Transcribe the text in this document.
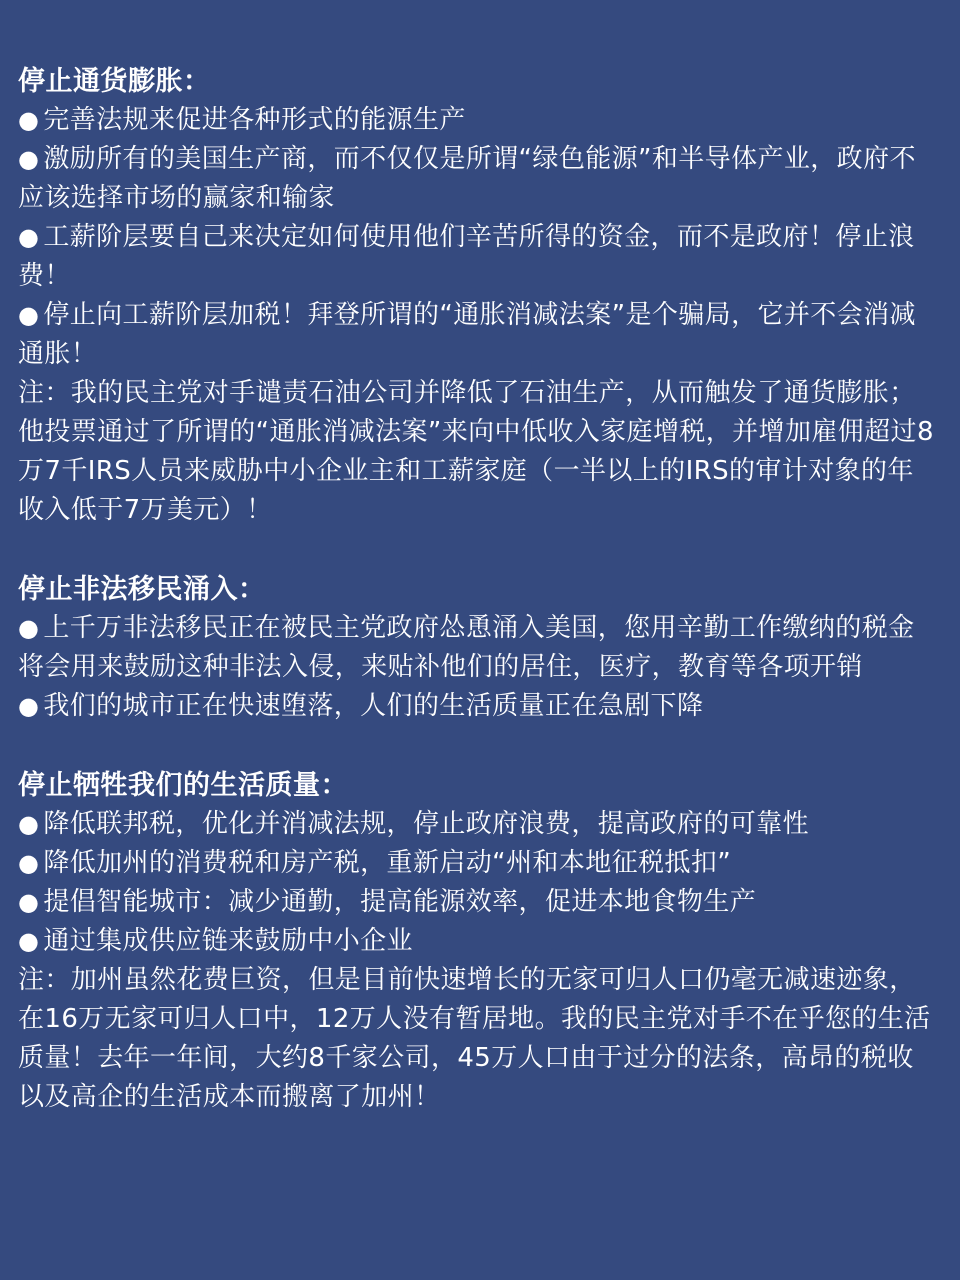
停止通货膨胀：
● 完善法规来促进各种形式的能源生产
● 激励所有的美国生产商，而不仅仅是所谓“绿色能源”和半导体产业，政府不应该选择市场的赢家和输家
● 工薪阶层要自己来决定如何使用他们辛苦所得的资金，而不是政府！停止浪费！
● 停止向工薪阶层加税！拜登所谓的“通胀消减法案”是个骗局，它并不会消减通胀！
注：我的民主党对手谴责石油公司并降低了石油生产，从而触发了通货膨胀；他投票通过了所谓的“通胀消减法案”来向中低收入家庭增税，并增加雇佣超过8万7千IRS人员来威胁中小企业主和工薪家庭（一半以上的IRS的审计对象的年收入低于7万美元）！
停止非法移民涌入：
● 上千万非法移民正在被民主党政府怂恿涌入美国，您用辛勤工作缴纳的税金将会用来鼓励这种非法入侵，来贴补他们的居住，医疗，教育等各项开销
● 我们的城市正在快速堕落，人们的生活质量正在急剧下降
停止牺牲我们的生活质量：
● 降低联邦税，优化并消减法规，停止政府浪费，提高政府的可靠性
● 降低加州的消费税和房产税，重新启动“州和本地征税抵扣”
● 提倡智能城市：减少通勤，提高能源效率，促进本地食物生产
● 通过集成供应链来鼓励中小企业
注：加州虽然花费巨资，但是目前快速增长的无家可归人口仍毫无减速迹象，在16万无家可归人口中，12万人没有暂居地。我的民主党对手不在乎您的生活质量！去年一年间，大约8千家公司，45万人口由于过分的法条，高昂的税收以及高企的生活成本而搬离了加州！
